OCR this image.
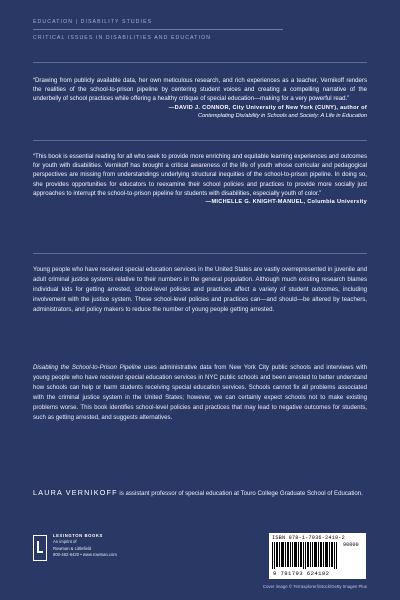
EDUCATION | DISABILITY STUDIES
CRITICAL ISSUES IN DISABILITIES AND EDUCATION
“Drawing from publicly available data, her own meticulous research, and rich experiences as a teacher, Vernikoff renders the realities of the school-to-prison pipeline by centering student voices and creating a compelling narrative of the underbelly of school practices while offering a healthy critique of special education—making for a very powerful read.”
—DAVID J. CONNOR, City University of New York (CUNY), author of
Contemplating Dis/ability in Schools and Society: A Life in Education
“This book is essential reading for all who seek to provide more enriching and equitable learning experiences and outcomes for youth with disabilities. Vernikoff has brought a critical awareness of the life of youth whose curricular and pedagogical perspectives are missing from understandings underlying structural inequities of the school-to-prison pipeline. In doing so, she provides opportunities for educators to reexamine their school policies and practices to provide more socially just approaches to interrupt the school-to-prison pipeline for students with disabilities, especially youth of color.”
—MICHELLE G. KNIGHT-MANUEL, Columbia University
Young people who have received special education services in the United States are vastly overrepresented in juvenile and adult criminal justice systems relative to their numbers in the general population. Although much existing research blames individual kids for getting arrested, school-level policies and practices affect a variety of student outcomes, including involvement with the justice system. These school-level policies and practices can—and should—be altered by teachers, administrators, and policy makers to reduce the number of young people getting arrested.
Disabling the School-to-Prison Pipeline uses administrative data from New York City public schools and interviews with young people who have received special education services in NYC public schools and been arrested to better understand how schools can help or harm students receiving special education services. Schools cannot fix all problems associated with the criminal justice system in the United States; however, we can certainly expect schools not to make existing problems worse. This book identifies school-level policies and practices that may lead to negative outcomes for students, such as getting arrested, and suggests alternatives.
LAURA VERNIKOFF is assistant professor of special education at Touro College Graduate School of Education.
LEXINGTON BOOKS
An imprint of
Rowman & Littlefield
800-462-6420 • www.rowman.com
ISBN 978-1-7936-2419-2
90000
9 781793 624192
Cover image © Terraxplorer/iStock/Getty Images Plus
